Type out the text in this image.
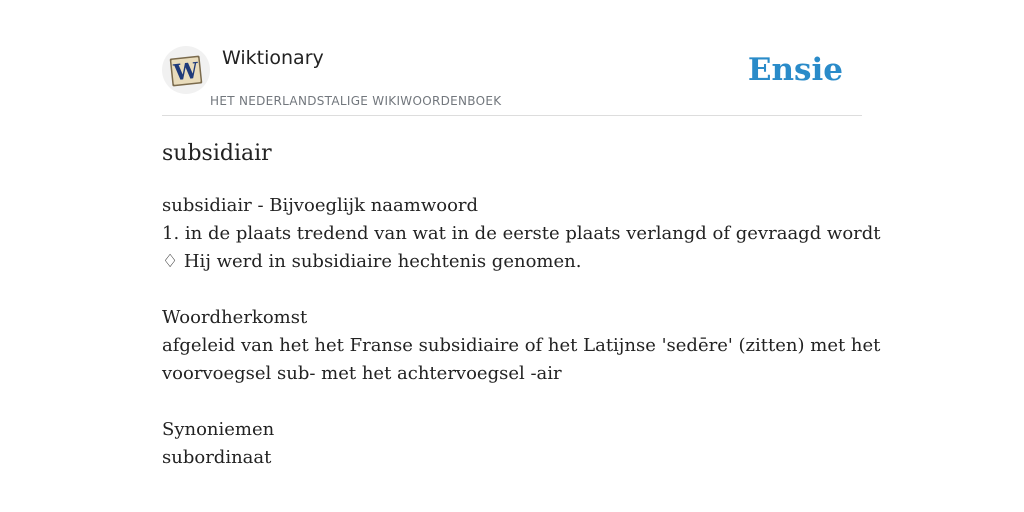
W Wiktionary
HET NEDERLANDSTALIGE WIKIWOORDENBOEK
Ensie
subsidiair
subsidiair - Bijvoeglijk naamwoord
1. in de plaats tredend van wat in de eerste plaats verlangd of gevraagd wordt
♢ Hij werd in subsidiaire hechtenis genomen.
Woordherkomst
afgeleid van het het Franse subsidiaire of het Latijnse 'sedēre' (zitten) met het
voorvoegsel sub- met het achtervoegsel -air
Synoniemen
subordinaat
